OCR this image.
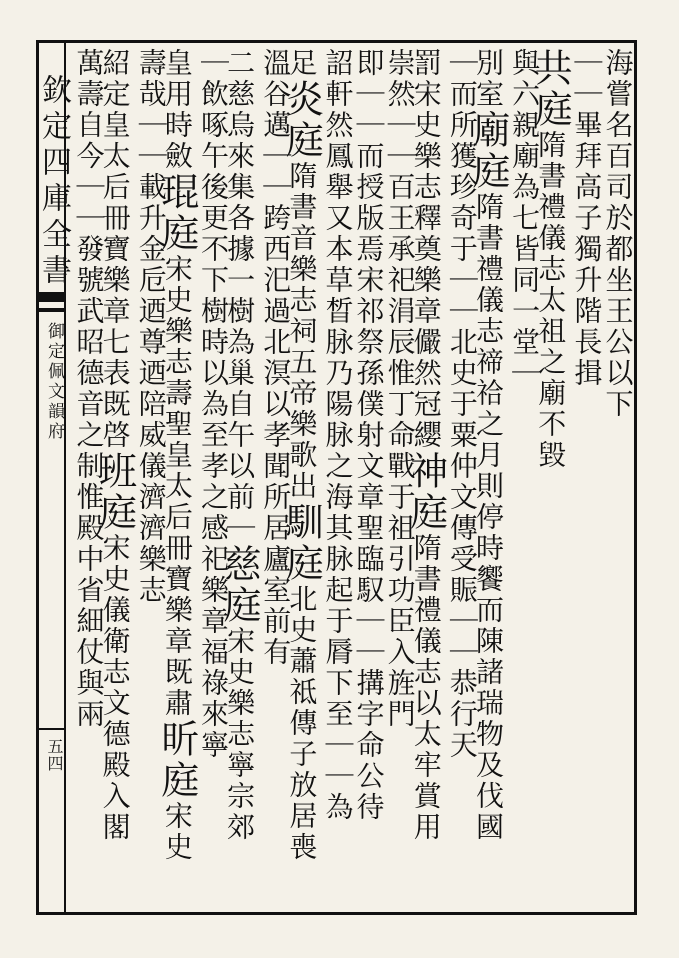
欽定四庫全書
御定佩文韻府
五四
海嘗名百司於都坐王公以下
｜｜畢拜高子獨升階長揖
共庭隋書禮儀志太祖之廟不毀
與六親廟為七皆同一堂｜
別室廟庭隋書禮儀志禘祫之月則停時饗而陳諸瑞物及伐國
｜而所獲珍奇于｜｜北史于粟仲文傳受賑｜｜恭行天
罰宋史樂志釋奠樂章儼然冠纓神庭隋書禮儀志以太牢賞用
崇然｜｜百王承祀涓辰惟丁命戰于祖引功臣入旌門
即｜｜而授版焉宋祁祭孫僕射文章聖臨馭｜｜搆字命公待
詔軒然鳳舉又本草晳脉乃陽脉之海其脉起于脣下至｜｜為
足炎庭隋書音樂志祠五帝樂歌出馴庭北史蕭祗傳子放居喪
溫谷邁｜｜跨西汜過北溟以孝聞所居廬室前有
二慈烏來集各據一樹為巢自午以前｜慈庭宋史樂志寧宗郊
｜飲啄午後更不下樹時以為至孝之感祀樂章福祿來寧
皇用時斂琨庭宋史樂志壽聖皇太后冊寶樂章既肅昕庭宋史
壽哉｜｜載升金卮迺尊迺陪威儀濟濟樂志
紹定皇太后冊寶樂章七表既啓班庭宋史儀衛志文德殿入閣
萬壽自今｜｜發號武昭德音之制惟殿中省細仗與兩
